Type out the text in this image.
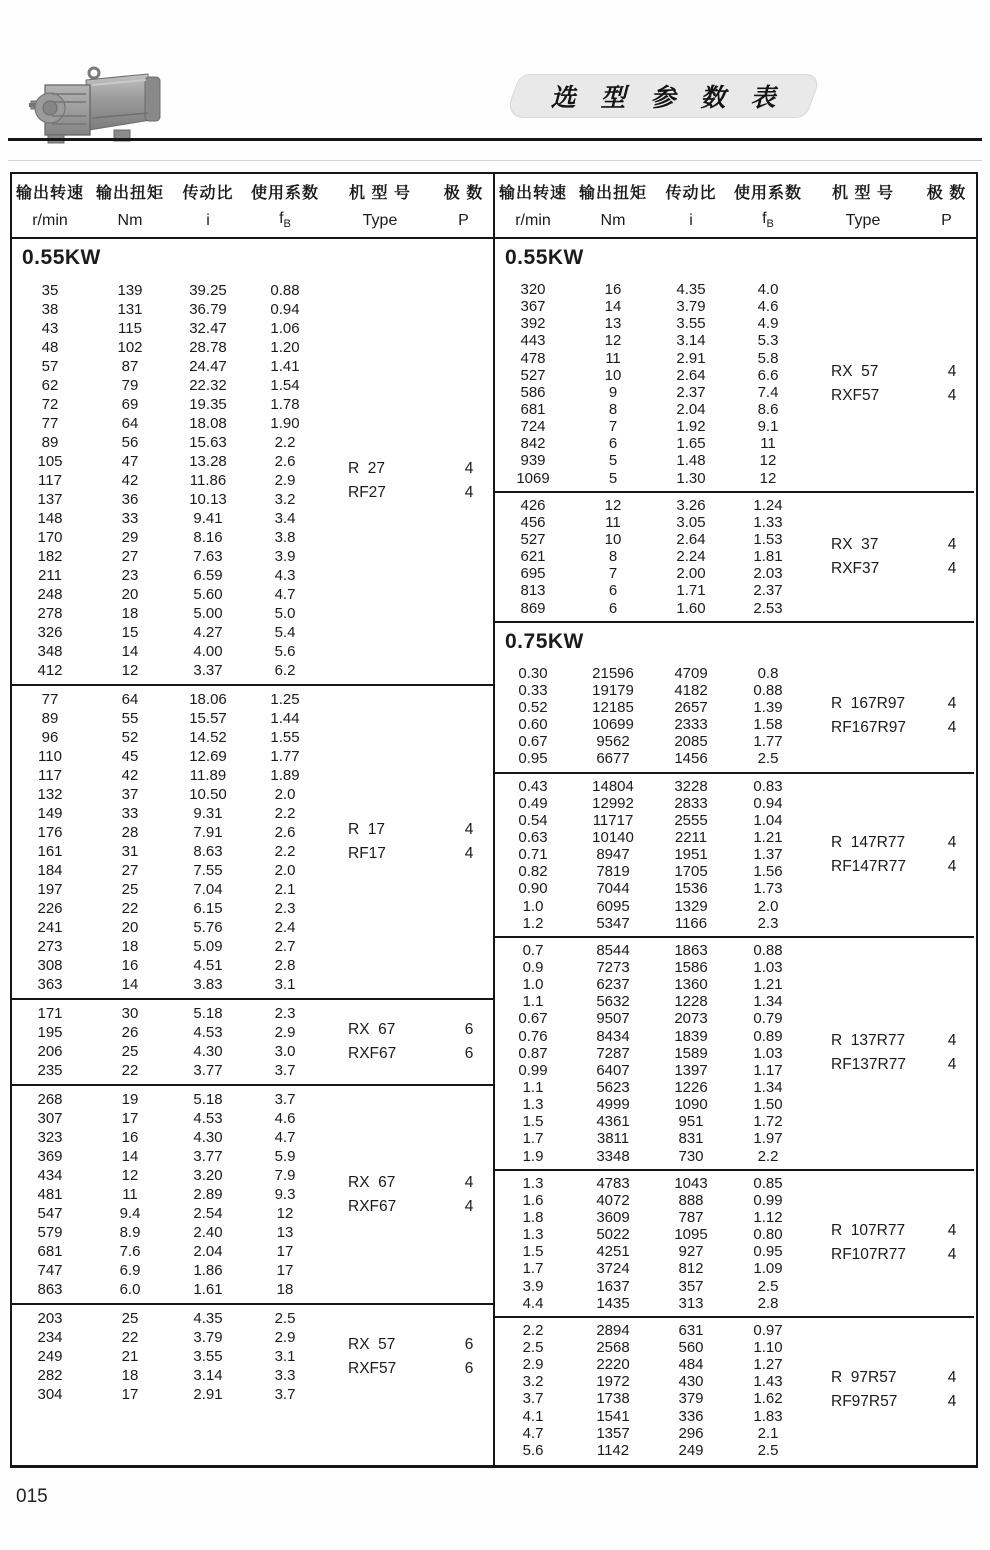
选 型 参 数 表
输出转速 输出扭矩 传动比 使用系数 机 型 号 极 数
r/min	Nm	i	$f_B$	Type	P
输出转速 输出扭矩 传动比 使用系数 机 型 号 极 数
r/min	Nm	i	$f_B$	Type	P
0.55KW
35	139	39.25	0.88
38	131	36.79	0.94
43	115	32.47	1.06
48	102	28.78	1.20
57	87	24.47	1.41
62	79	22.32	1.54
72	69	19.35	1.78
77	64	18.08	1.90
89	56	15.63	2.2
105	47	13.28	2.6
117	42	11.86	2.9
137	36	10.13	3.2
148	33	9.41	3.4
170	29	8.16	3.8
182	27	7.63	3.9
211	23	6.59	4.3
248	20	5.60	4.7
278	18	5.00	5.0
326	15	4.27	5.4
348	14	4.00	5.6
412	12	3.37	6.2
R  27	4
RF27	4
77	64	18.06	1.25
89	55	15.57	1.44
96	52	14.52	1.55
110	45	12.69	1.77
117	42	11.89	1.89
132	37	10.50	2.0
149	33	9.31	2.2
176	28	7.91	2.6
161	31	8.63	2.2
184	27	7.55	2.0
197	25	7.04	2.1
226	22	6.15	2.3
241	20	5.76	2.4
273	18	5.09	2.7
308	16	4.51	2.8
363	14	3.83	3.1
R  17	4
RF17	4
171	30	5.18	2.3
195	26	4.53	2.9
206	25	4.30	3.0
235	22	3.77	3.7
RX  67	6
RXF67	6
268	19	5.18	3.7
307	17	4.53	4.6
323	16	4.30	4.7
369	14	3.77	5.9
434	12	3.20	7.9
481	11	2.89	9.3
547	9.4	2.54	12
579	8.9	2.40	13
681	7.6	2.04	17
747	6.9	1.86	17
863	6.0	1.61	18
RX  67	4
RXF67	4
203	25	4.35	2.5
234	22	3.79	2.9
249	21	3.55	3.1
282	18	3.14	3.3
304	17	2.91	3.7
RX  57	6
RXF57	6
0.55KW
320	16	4.35	4.0
367	14	3.79	4.6
392	13	3.55	4.9
443	12	3.14	5.3
478	11	2.91	5.8
527	10	2.64	6.6
586	9	2.37	7.4
681	8	2.04	8.6
724	7	1.92	9.1
842	6	1.65	11
939	5	1.48	12
1069	5	1.30	12
RX  57	4
RXF57	4
426	12	3.26	1.24
456	11	3.05	1.33
527	10	2.64	1.53
621	8	2.24	1.81
695	7	2.00	2.03
813	6	1.71	2.37
869	6	1.60	2.53
RX  37	4
RXF37	4
0.75KW
0.30	21596	4709	0.8
0.33	19179	4182	0.88
0.52	12185	2657	1.39
0.60	10699	2333	1.58
0.67	9562	2085	1.77
0.95	6677	1456	2.5
R  167R97	4
RF167R97	4
0.43	14804	3228	0.83
0.49	12992	2833	0.94
0.54	11717	2555	1.04
0.63	10140	2211	1.21
0.71	8947	1951	1.37
0.82	7819	1705	1.56
0.90	7044	1536	1.73
1.0	6095	1329	2.0
1.2	5347	1166	2.3
R  147R77	4
RF147R77	4
0.7	8544	1863	0.88
0.9	7273	1586	1.03
1.0	6237	1360	1.21
1.1	5632	1228	1.34
0.67	9507	2073	0.79
0.76	8434	1839	0.89
0.87	7287	1589	1.03
0.99	6407	1397	1.17
1.1	5623	1226	1.34
1.3	4999	1090	1.50
1.5	4361	951	1.72
1.7	3811	831	1.97
1.9	3348	730	2.2
R  137R77	4
RF137R77	4
1.3	4783	1043	0.85
1.6	4072	888	0.99
1.8	3609	787	1.12
1.3	5022	1095	0.80
1.5	4251	927	0.95
1.7	3724	812	1.09
3.9	1637	357	2.5
4.4	1435	313	2.8
R  107R77	4
RF107R77	4
2.2	2894	631	0.97
2.5	2568	560	1.10
2.9	2220	484	1.27
3.2	1972	430	1.43
3.7	1738	379	1.62
4.1	1541	336	1.83
4.7	1357	296	2.1
5.6	1142	249	2.5
R  97R57	4
RF97R57	4
015
